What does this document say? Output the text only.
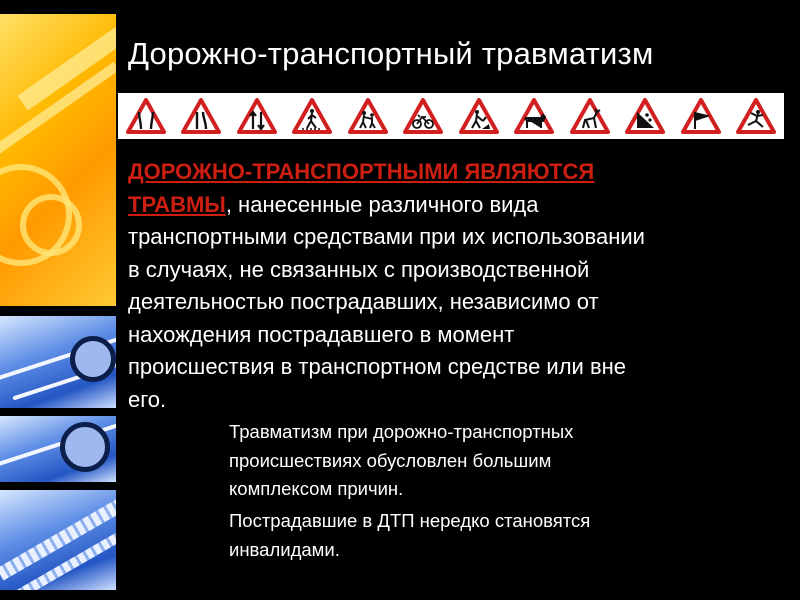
Дорожно-транспортный травматизм
ДОРОЖНО-ТРАНСПОРТНЫМИ ЯВЛЯЮТСЯ
ТРАВМЫ, нанесенные различного вида
транспортными средствами при их использовании
в случаях, не связанных с производственной
деятельностью пострадавших, независимо от
нахождения пострадавшего в момент
происшествия в транспортном средстве или вне
его.
Травматизм при дорожно-транспортных
происшествиях обусловлен большим
комплексом причин.
Пострадавшие в ДТП нередко становятся
инвалидами.
